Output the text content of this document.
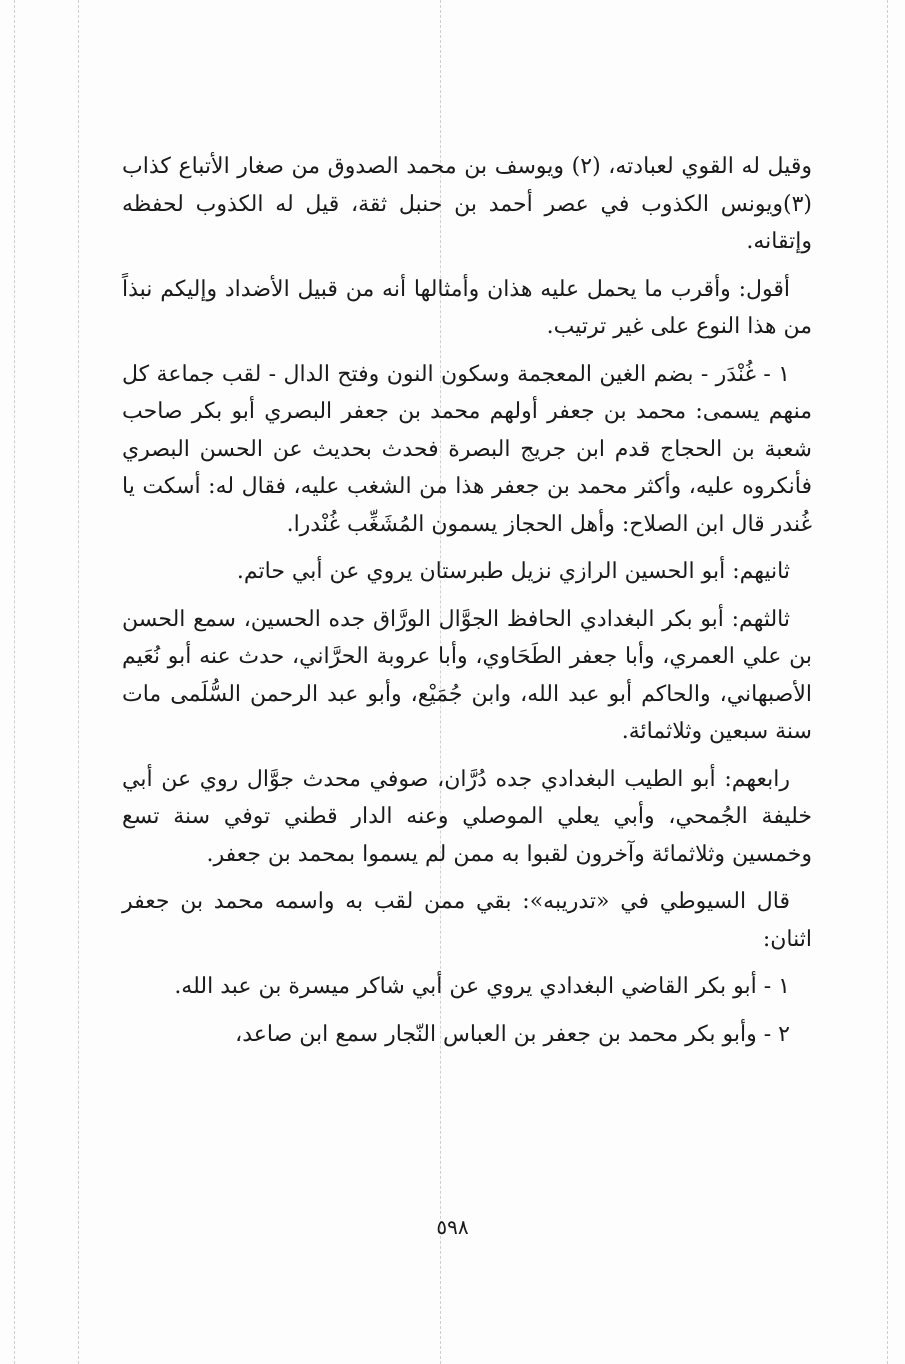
وقيل له القوي لعبادته، (٢) ويوسف بن محمد الصدوق من صغار الأتباع كذاب (٣)ويونس الكذوب في عصر أحمد بن حنبل ثقة، قيل له الكذوب لحفظه وإتقانه.

أقول: وأقرب ما يحمل عليه هذان وأمثالها أنه من قبيل الأضداد وإليكم نبذاً من هذا النوع على غير ترتيب.

١ - غُنْدَر - بضم الغين المعجمة وسكون النون وفتح الدال - لقب جماعة كل منهم يسمى: محمد بن جعفر أولهم محمد بن جعفر البصري أبو بكر صاحب شعبة بن الحجاج قدم ابن جريج البصرة فحدث بحديث عن الحسن البصري فأنكروه عليه، وأكثر محمد بن جعفر هذا من الشغب عليه، فقال له: أسكت يا غُندر قال ابن الصلاح: وأهل الحجاز يسمون المُشَغِّب غُنْدرا.

ثانيهم: أبو الحسين الرازي نزيل طبرستان يروي عن أبي حاتم.

ثالثهم: أبو بكر البغدادي الحافظ الجوَّال الورَّاق جده الحسين، سمع الحسن بن علي العمري، وأبا جعفر الطَحَاوي، وأبا عروبة الحرَّاني، حدث عنه أبو نُعَيم الأصبهاني، والحاكم أبو عبد الله، وابن جُمَيْع، وأبو عبد الرحمن السُّلَمى مات سنة سبعين وثلاثمائة.

رابعهم: أبو الطيب البغدادي جده دُرَّان، صوفي محدث جوَّال روي عن أبي خليفة الجُمحي، وأبي يعلي الموصلي وعنه الدار قطني توفي سنة تسع وخمسين وثلاثمائة وآخرون لقبوا به ممن لم يسموا بمحمد بن جعفر.

قال السيوطي في «تدريبه»: بقي ممن لقب به واسمه محمد بن جعفر اثنان:

١ - أبو بكر القاضي البغدادي يروي عن أبي شاكر ميسرة بن عبد الله.

٢ - وأبو بكر محمد بن جعفر بن العباس النّجار سمع ابن صاعد،

٥٩٨
